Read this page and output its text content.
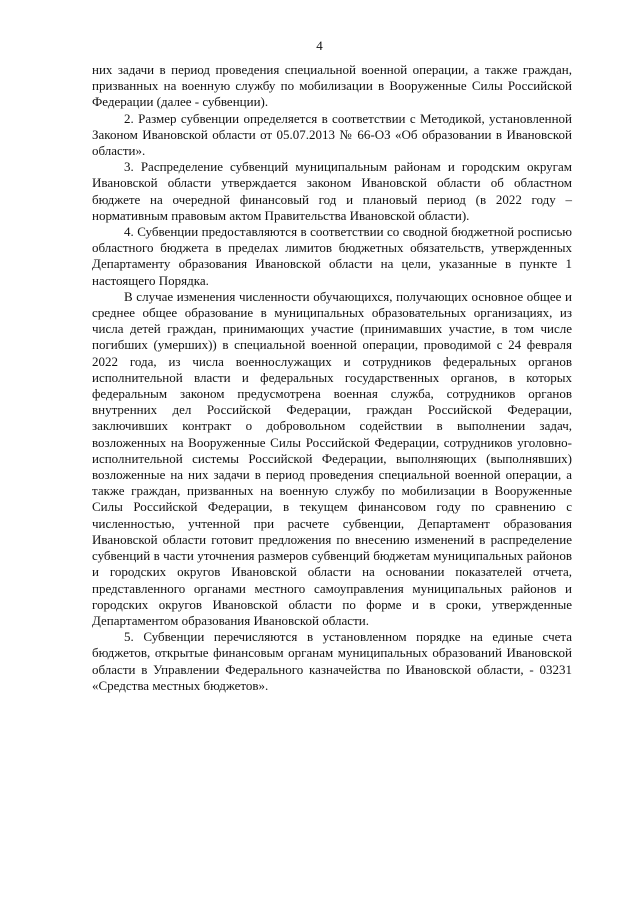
4

них задачи в период проведения специальной военной операции, а также граждан, призванных на военную службу по мобилизации в Вооруженные Силы Российской Федерации (далее - субвенции).

2. Размер субвенции определяется в соответствии с Методикой, установленной Законом Ивановской области от 05.07.2013 № 66-ОЗ «Об образовании в Ивановской области».

3. Распределение субвенций муниципальным районам и городским округам Ивановской области утверждается законом Ивановской области об областном бюджете на очередной финансовый год и плановый период (в 2022 году – нормативным правовым актом Правительства Ивановской области).

4. Субвенции предоставляются в соответствии со сводной бюджетной росписью областного бюджета в пределах лимитов бюджетных обязательств, утвержденных Департаменту образования Ивановской области на цели, указанные в пункте 1 настоящего Порядка.

В случае изменения численности обучающихся, получающих основное общее и среднее общее образование в муниципальных образовательных организациях, из числа детей граждан, принимающих участие (принимавших участие, в том числе погибших (умерших)) в специальной военной операции, проводимой с 24 февраля 2022 года, из числа военнослужащих и сотрудников федеральных органов исполнительной власти и федеральных государственных органов, в которых федеральным законом предусмотрена военная служба, сотрудников органов внутренних дел Российской Федерации, граждан Российской Федерации, заключивших контракт о добровольном содействии в выполнении задач, возложенных на Вооруженные Силы Российской Федерации, сотрудников уголовно-исполнительной системы Российской Федерации, выполняющих (выполнявших) возложенные на них задачи в период проведения специальной военной операции, а также граждан, призванных на военную службу по мобилизации в Вооруженные Силы Российской Федерации, в текущем финансовом году по сравнению с численностью, учтенной при расчете субвенции, Департамент образования Ивановской области готовит предложения по внесению изменений в распределение субвенций в части уточнения размеров субвенций бюджетам муниципальных районов и городских округов Ивановской области на основании показателей отчета, представленного органами местного самоуправления муниципальных районов и городских округов Ивановской области по форме и в сроки, утвержденные Департаментом образования Ивановской области.

5. Субвенции перечисляются в установленном порядке на единые счета бюджетов, открытые финансовым органам муниципальных образований Ивановской области в Управлении Федерального казначейства по Ивановской области, - 03231 «Средства местных бюджетов».
